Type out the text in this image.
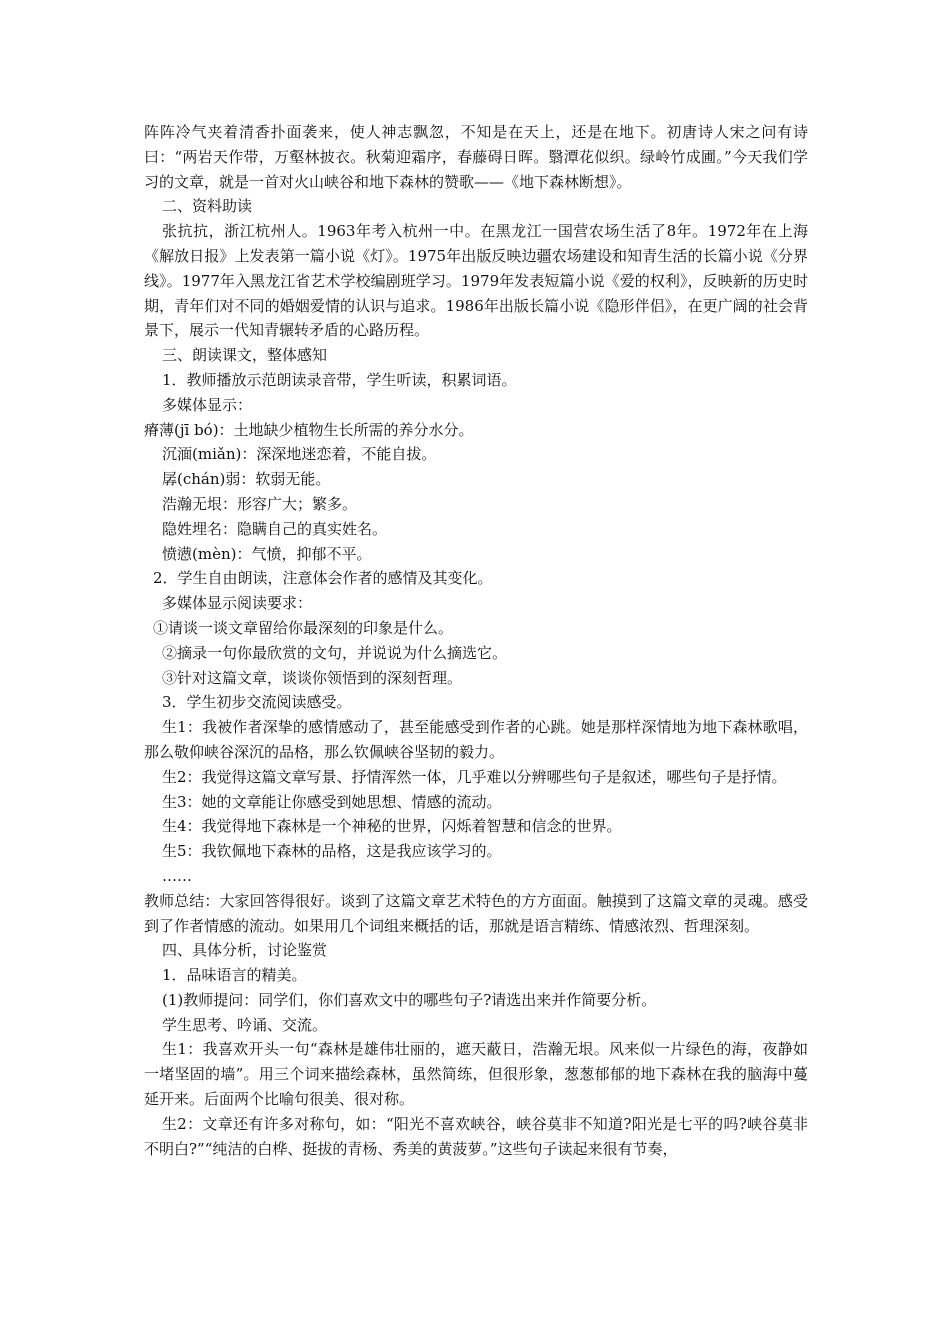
阵阵冷气夹着清香扑面袭来，使人神志飘忽，不知是在天上，还是在地下。初唐诗人宋之问有诗曰：“两岩天作带，万壑林披衣。秋菊迎霜序，春藤碍日晖。翳潭花似织。绿岭竹成圃。”今天我们学习的文章，就是一首对火山峡谷和地下森林的赞歌——《地下森林断想》。

二、资料助读

张抗抗，浙江杭州人。1963年考入杭州一中。在黑龙江一国营农场生活了8年。1972年在上海《解放日报》上发表第一篇小说《灯》。1975年出版反映边疆农场建设和知青生活的长篇小说《分界线》。1977年入黑龙江省艺术学校编剧班学习。1979年发表短篇小说《爱的权利》，反映新的历史时期，青年们对不同的婚姻爱情的认识与追求。1986年出版长篇小说《隐形伴侣》，在更广阔的社会背景下，展示一代知青辗转矛盾的心路历程。

三、朗读课文，整体感知

1．教师播放示范朗读录音带，学生听读，积累词语。

多媒体显示：

瘠薄(jī bó)：土地缺少植物生长所需的养分水分。

沉湎(miǎn)：深深地迷恋着，不能自拔。

孱(chán)弱：软弱无能。

浩瀚无垠：形容广大；繁多。

隐姓埋名：隐瞒自己的真实姓名。

愤懑(mèn)：气愤，抑郁不平。

2．学生自由朗读，注意体会作者的感情及其变化。

多媒体显示阅读要求：

①请谈一谈文章留给你最深刻的印象是什么。

②摘录一句你最欣赏的文句，并说说为什么摘选它。

③针对这篇文章，谈谈你领悟到的深刻哲理。

3．学生初步交流阅读感受。

生1：我被作者深挚的感情感动了，甚至能感受到作者的心跳。她是那样深情地为地下森林歌唱，那么敬仰峡谷深沉的品格，那么钦佩峡谷坚韧的毅力。

生2：我觉得这篇文章写景、抒情浑然一体，几乎难以分辨哪些句子是叙述，哪些句子是抒情。

生3：她的文章能让你感受到她思想、情感的流动。

生4：我觉得地下森林是一个神秘的世界，闪烁着智慧和信念的世界。

生5：我钦佩地下森林的品格，这是我应该学习的。

……

教师总结：大家回答得很好。谈到了这篇文章艺术特色的方方面面。触摸到了这篇文章的灵魂。感受到了作者情感的流动。如果用几个词组来概括的话，那就是语言精练、情感浓烈、哲理深刻。

四、具体分析，讨论鉴赏

1．品味语言的精美。

(1)教师提问：同学们，你们喜欢文中的哪些句子?请选出来并作简要分析。

学生思考、吟诵、交流。

生1：我喜欢开头一句“森林是雄伟壮丽的，遮天蔽日，浩瀚无垠。风来似一片绿色的海，夜静如一堵坚固的墙”。用三个词来描绘森林，虽然简练，但很形象，葱葱郁郁的地下森林在我的脑海中蔓延开来。后面两个比喻句很美、很对称。

生2：文章还有许多对称句，如：“阳光不喜欢峡谷，峡谷莫非不知道?阳光是七平的吗?峡谷莫非不明白?”“纯洁的白桦、挺拔的青杨、秀美的黄菠萝。”这些句子读起来很有节奏，
